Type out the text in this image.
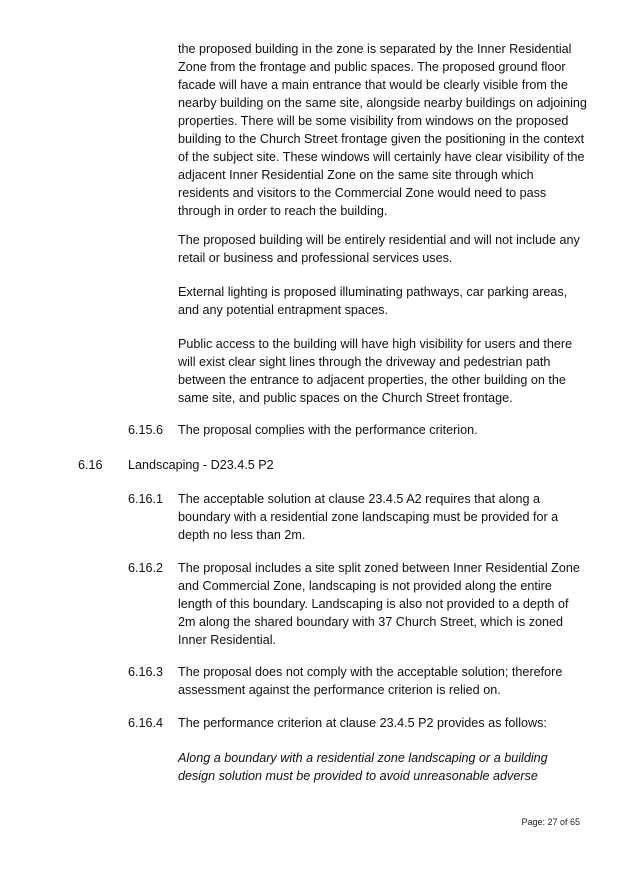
the proposed building in the zone is separated by the Inner Residential Zone from the frontage and public spaces. The proposed ground floor facade will have a main entrance that would be clearly visible from the nearby building on the same site, alongside nearby buildings on adjoining properties. There will be some visibility from windows on the proposed building to the Church Street frontage given the positioning in the context of the subject site. These windows will certainly have clear visibility of the adjacent Inner Residential Zone on the same site through which residents and visitors to the Commercial Zone would need to pass through in order to reach the building.

The proposed building will be entirely residential and will not include any retail or business and professional services uses.

External lighting is proposed illuminating pathways, car parking areas, and any potential entrapment spaces.

Public access to the building will have high visibility for users and there will exist clear sight lines through the driveway and pedestrian path between the entrance to adjacent properties, the other building on the same site, and public spaces on the Church Street frontage.

6.15.6 The proposal complies with the performance criterion.

6.16 Landscaping - D23.4.5 P2
6.16.1 The acceptable solution at clause 23.4.5 A2 requires that along a boundary with a residential zone landscaping must be provided for a depth no less than 2m.

6.16.2 The proposal includes a site split zoned between Inner Residential Zone and Commercial Zone, landscaping is not provided along the entire length of this boundary. Landscaping is also not provided to a depth of 2m along the shared boundary with 37 Church Street, which is zoned Inner Residential.

6.16.3 The proposal does not comply with the acceptable solution; therefore assessment against the performance criterion is relied on.

6.16.4 The performance criterion at clause 23.4.5 P2 provides as follows:

Along a boundary with a residential zone landscaping or a building design solution must be provided to avoid unreasonable adverse

Page: 27 of 65
